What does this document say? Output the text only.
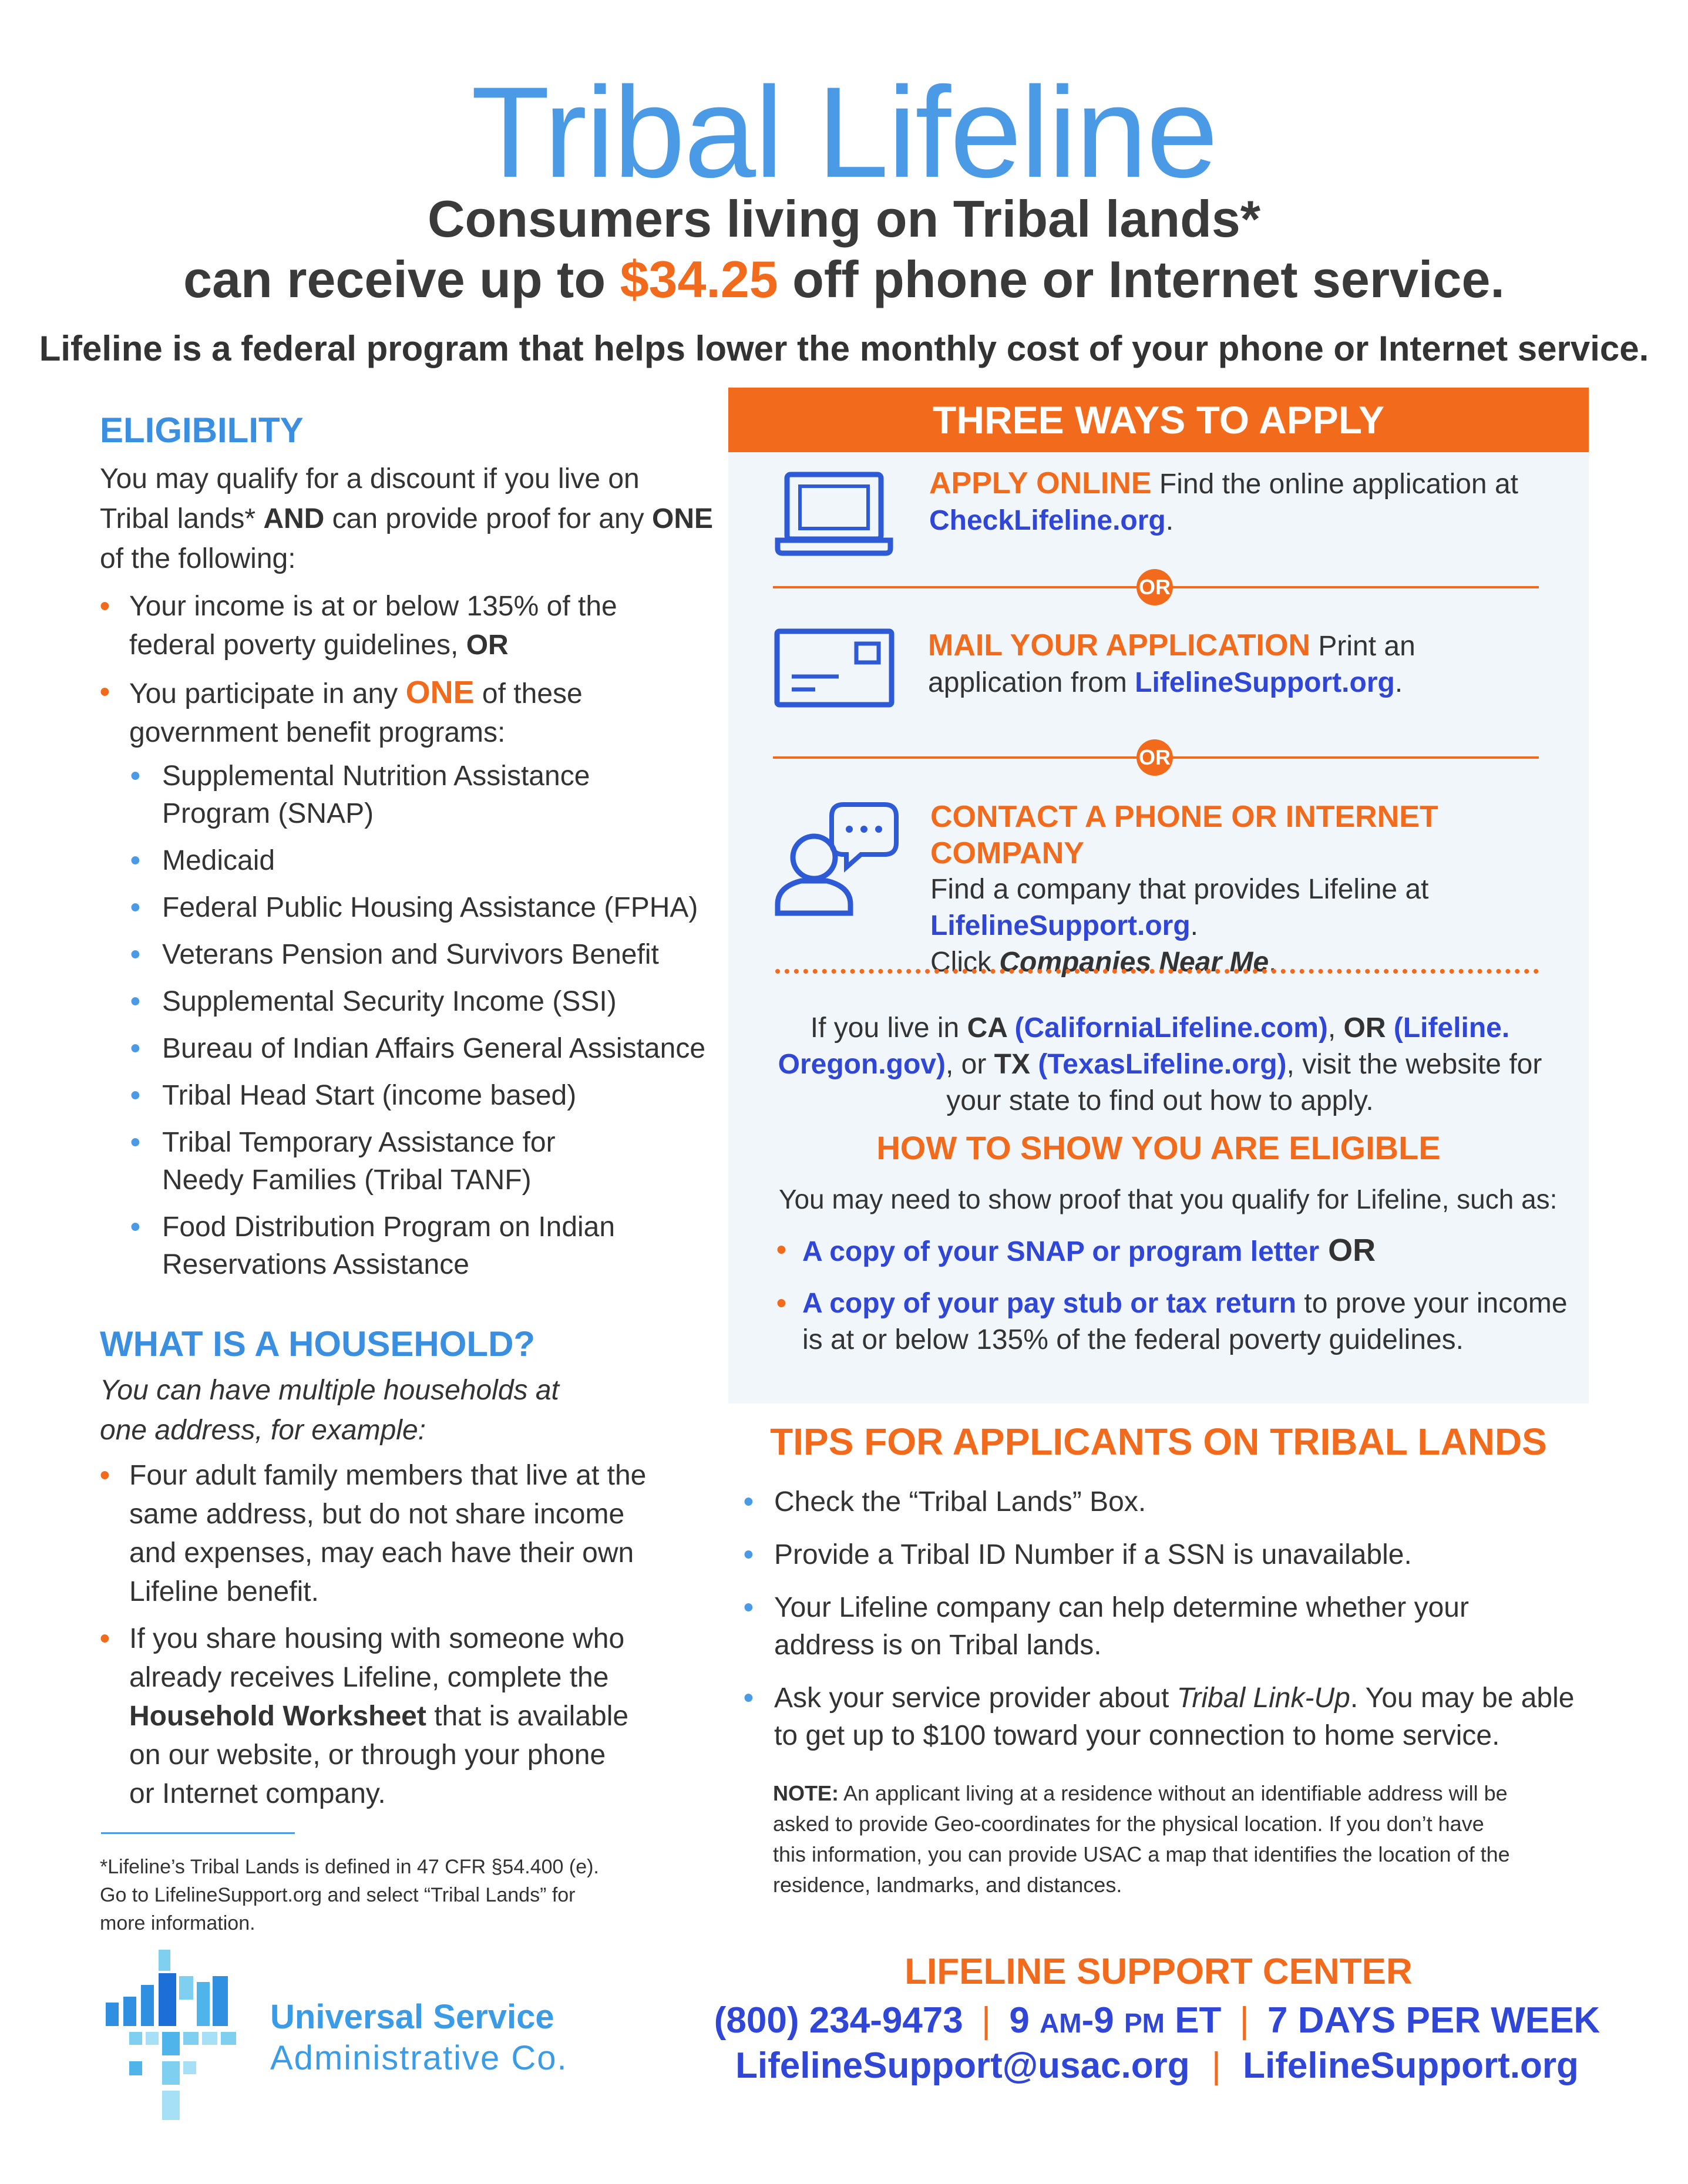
Tribal Lifeline
Consumers living on Tribal lands*
can receive up to $34.25 off phone or Internet service.
Lifeline is a federal program that helps lower the monthly cost of your phone or Internet service.
ELIGIBILITY
You may qualify for a discount if you live on
Tribal lands* AND can provide proof for any ONE
of the following:
• Your income is at or below 135% of the
federal poverty guidelines, OR
• You participate in any ONE of these
government benefit programs:
• Supplemental Nutrition Assistance
Program (SNAP)
• Medicaid
• Federal Public Housing Assistance (FPHA)
• Veterans Pension and Survivors Benefit
• Supplemental Security Income (SSI)
• Bureau of Indian Affairs General Assistance
• Tribal Head Start (income based)
• Tribal Temporary Assistance for
Needy Families (Tribal TANF)
• Food Distribution Program on Indian
Reservations Assistance
WHAT IS A HOUSEHOLD?
You can have multiple households at
one address, for example:
• Four adult family members that live at the
same address, but do not share income
and expenses, may each have their own
Lifeline benefit.
• If you share housing with someone who
already receives Lifeline, complete the
Household Worksheet that is available
on our website, or through your phone
or Internet company.
*Lifeline’s Tribal Lands is defined in 47 CFR §54.400 (e).
Go to LifelineSupport.org and select “Tribal Lands” for
more information.
Universal Service
Administrative Co.
THREE WAYS TO APPLY
APPLY ONLINE Find the online application at
CheckLifeline.org.
OR
MAIL YOUR APPLICATION Print an
application from LifelineSupport.org.
OR
CONTACT A PHONE OR INTERNET COMPANY
Find a company that provides Lifeline at
LifelineSupport.org.
Click Companies Near Me.
If you live in CA (CaliforniaLifeline.com), OR (Lifeline.
Oregon.gov), or TX (TexasLifeline.org), visit the website for
your state to find out how to apply.
HOW TO SHOW YOU ARE ELIGIBLE
You may need to show proof that you qualify for Lifeline, such as:
• A copy of your SNAP or program letter OR
• A copy of your pay stub or tax return to prove your income
is at or below 135% of the federal poverty guidelines.
TIPS FOR APPLICANTS ON TRIBAL LANDS
• Check the “Tribal Lands” Box.
• Provide a Tribal ID Number if a SSN is unavailable.
• Your Lifeline company can help determine whether your
address is on Tribal lands.
• Ask your service provider about Tribal Link-Up. You may be able
to get up to $100 toward your connection to home service.
NOTE: An applicant living at a residence without an identifiable address will be
asked to provide Geo-coordinates for the physical location. If you don’t have
this information, you can provide USAC a map that identifies the location of the
residence, landmarks, and distances.
LIFELINE SUPPORT CENTER
(800) 234-9473 | 9 AM-9 PM ET | 7 DAYS PER WEEK
LifelineSupport@usac.org | LifelineSupport.org
